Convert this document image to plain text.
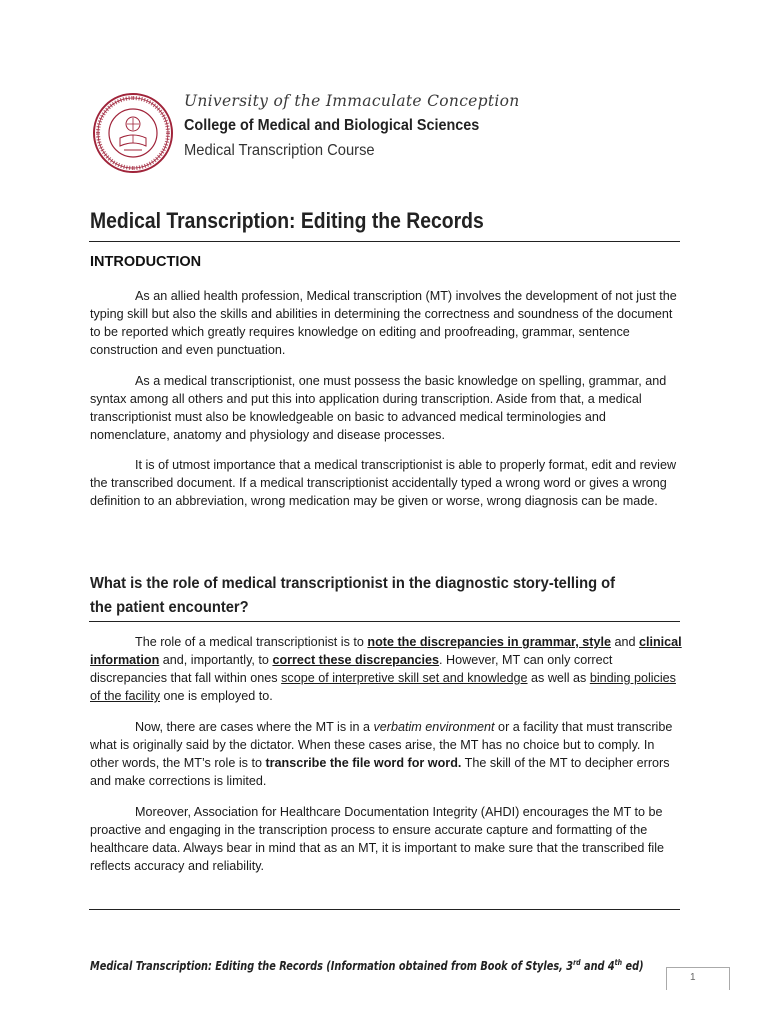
University of the Immaculate Conception
College of Medical and Biological Sciences
Medical Transcription Course
Medical Transcription: Editing the Records
INTRODUCTION
As an allied health profession, Medical transcription (MT) involves the development of not just the typing skill but also the skills and abilities in determining the correctness and soundness of the document to be reported which greatly requires knowledge on editing and proofreading, grammar, sentence construction and even punctuation.
As a medical transcriptionist, one must possess the basic knowledge on spelling, grammar, and syntax among all others and put this into application during transcription. Aside from that, a medical transcriptionist must also be knowledgeable on basic to advanced medical terminologies and nomenclature, anatomy and physiology and disease processes.
It is of utmost importance that a medical transcriptionist is able to properly format, edit and review the transcribed document. If a medical transcriptionist accidentally typed a wrong word or gives a wrong definition to an abbreviation, wrong medication may be given or worse, wrong diagnosis can be made.
What is the role of medical transcriptionist in the diagnostic story-telling of the patient encounter?
The role of a medical transcriptionist is to note the discrepancies in grammar, style and clinical information and, importantly, to correct these discrepancies. However, MT can only correct discrepancies that fall within ones scope of interpretive skill set and knowledge as well as binding policies of the facility one is employed to.
Now, there are cases where the MT is in a verbatim environment or a facility that must transcribe what is originally said by the dictator. When these cases arise, the MT has no choice but to comply. In other words, the MT’s role is to transcribe the file word for word. The skill of the MT to decipher errors and make corrections is limited.
Moreover, Association for Healthcare Documentation Integrity (AHDI) encourages the MT to be proactive and engaging in the transcription process to ensure accurate capture and formatting of the healthcare data. Always bear in mind that as an MT, it is important to make sure that the transcribed file reflects accuracy and reliability.
Medical Transcription: Editing the Records (Information obtained from Book of Styles, 3rd and 4th ed)
1
